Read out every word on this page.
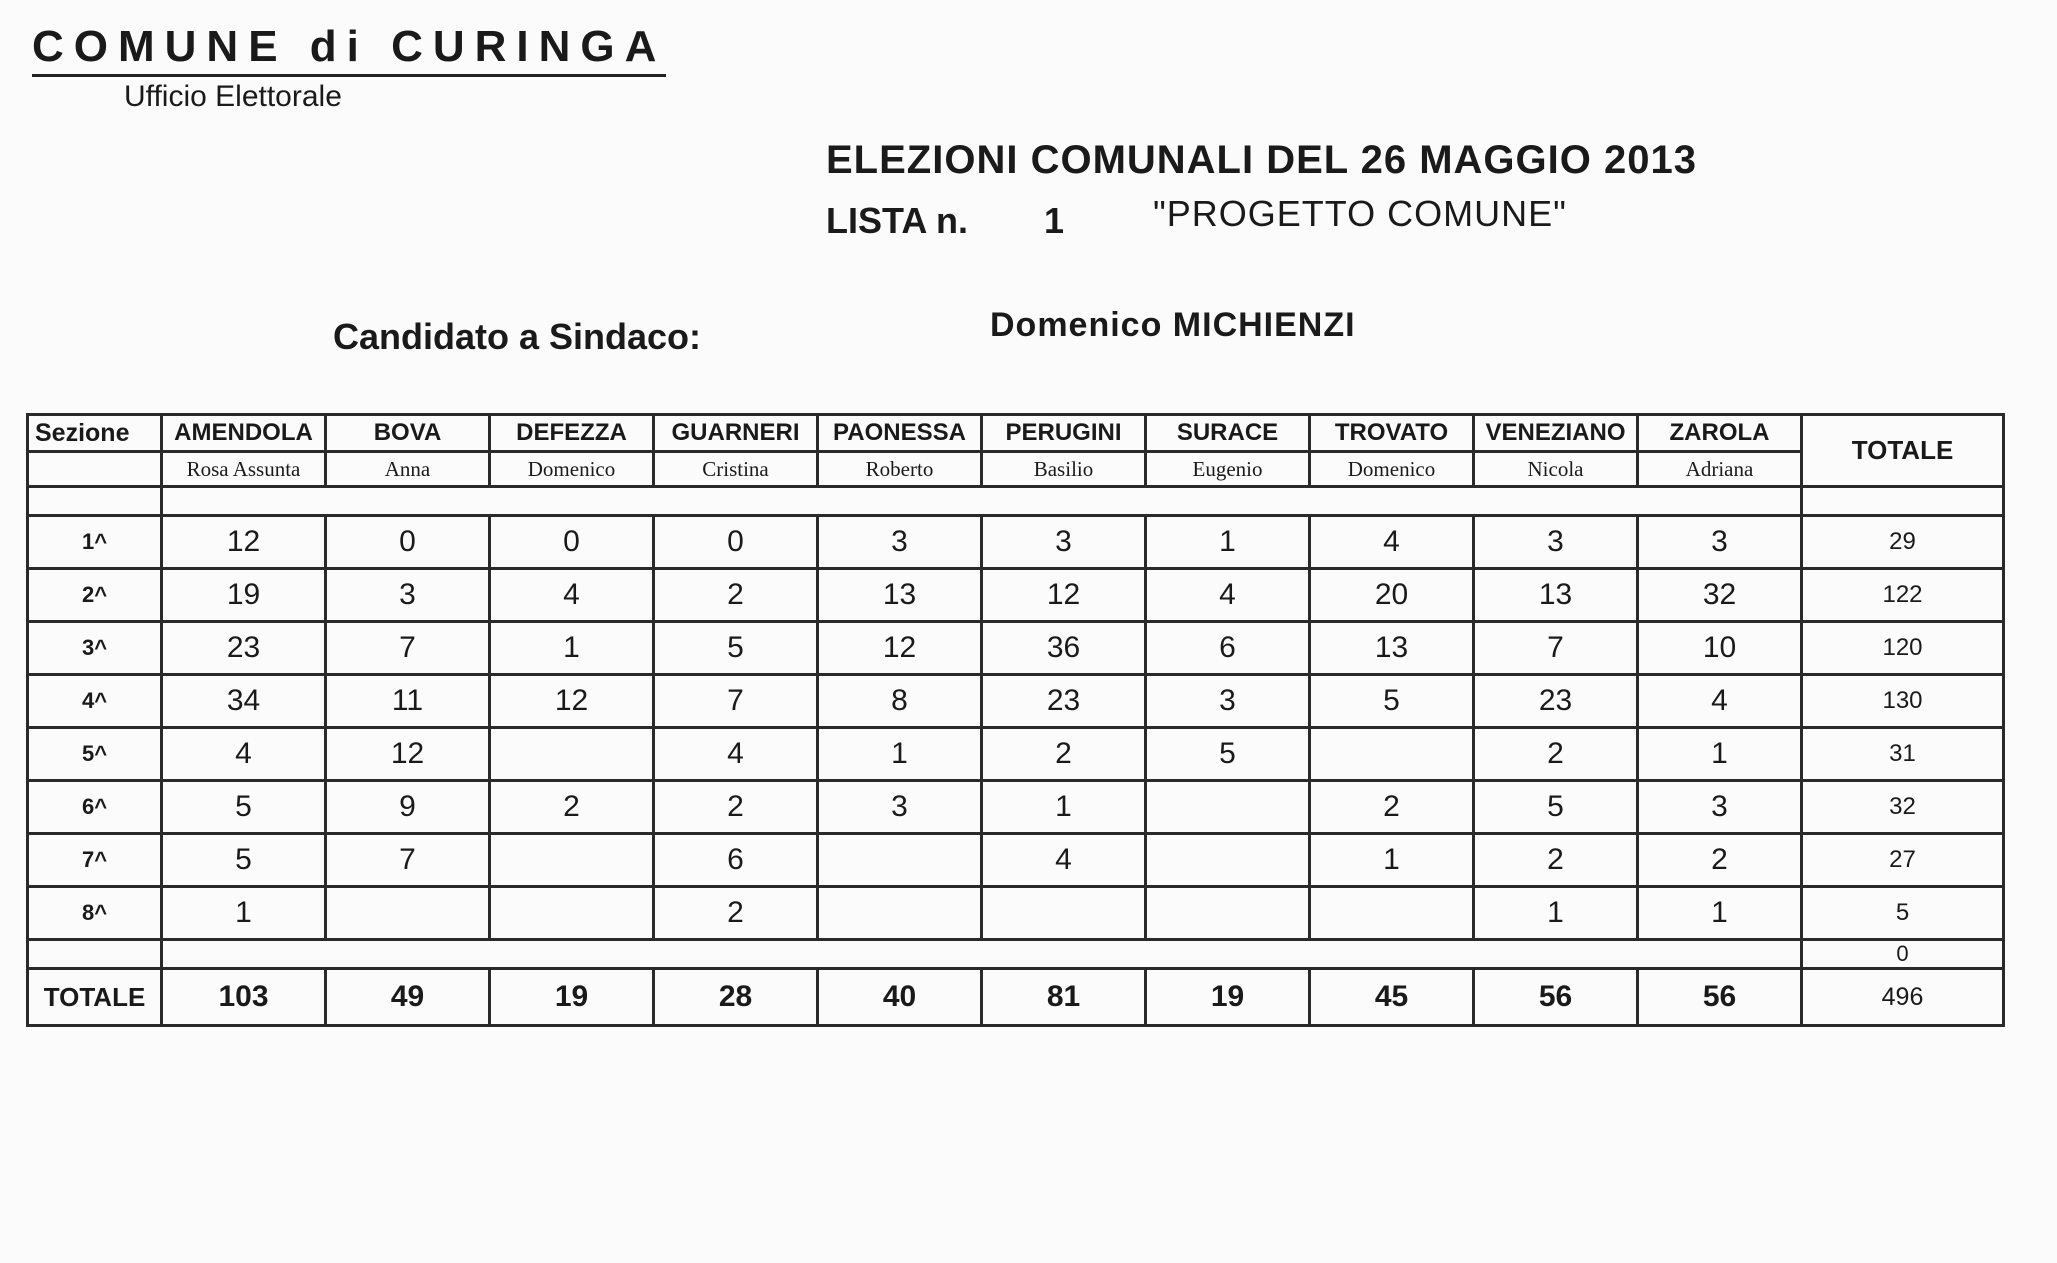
COMUNE di CURINGA
Ufficio Elettorale
ELEZIONI COMUNALI DEL 26 MAGGIO 2013
LISTA n. 1 "PROGETTO COMUNE"
Candidato a Sindaco:	Domenico MICHIENZI
Sezione	AMENDOLA	BOVA	DEFEZZA	GUARNERI	PAONESSA	PERUGINI	SURACE	TROVATO	VENEZIANO	ZAROLA	TOTALE
	Rosa Assunta	Anna	Domenico	Cristina	Roberto	Basilio	Eugenio	Domenico	Nicola	Adriana	

1^	12	0	0	0	3	3	1	4	3	3	29
2^	19	3	4	2	13	12	4	20	13	32	122
3^	23	7	1	5	12	36	6	13	7	10	120
4^	34	11	12	7	8	23	3	5	23	4	130
5^	4	12		4	1	2	5		2	1	31
6^	5	9	2	2	3	1		2	5	3	32
7^	5	7		6		4		1	2	2	27
8^	1			2					1	1	5
											0
TOTALE	103	49	19	28	40	81	19	45	56	56	496
